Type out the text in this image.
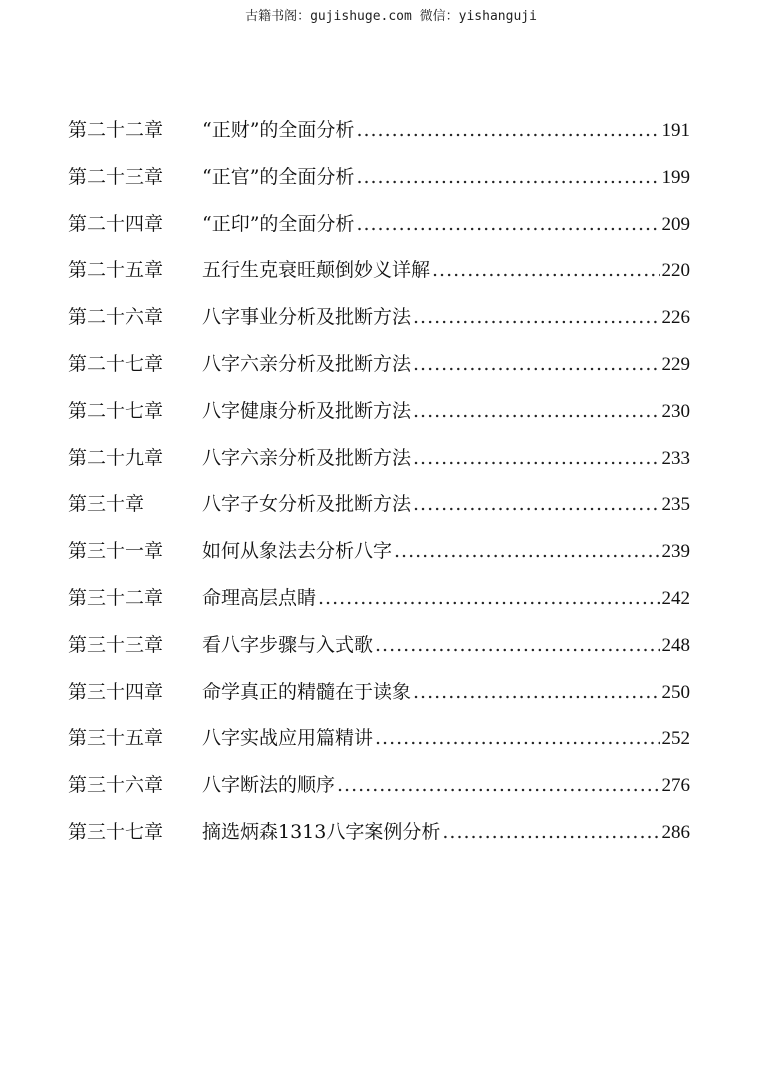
古籍书阁：gujishuge.com 微信：yishanguji
第二十二章	“正财”的全面分析 .....	191
第二十三章	“正官”的全面分析 .....	199
第二十四章	“正印”的全面分析 .....	209
第二十五章	五行生克衰旺颠倒妙义详解 .....	220
第二十六章	八字事业分析及批断方法 .....	226
第二十七章	八字六亲分析及批断方法 .....	229
第二十七章	八字健康分析及批断方法 .....	230
第二十九章	八字六亲分析及批断方法 .....	233
第三十章	八字子女分析及批断方法 .....	235
第三十一章	如何从象法去分析八字 .....	239
第三十二章	命理高层点睛 .....	242
第三十三章	看八字步骤与入式歌 .....	248
第三十四章	命学真正的精髓在于读象 .....	250
第三十五章	八字实战应用篇精讲 .....	252
第三十六章	八字断法的顺序 .....	276
第三十七章	摘选炳森1313八字案例分析 .....	286
